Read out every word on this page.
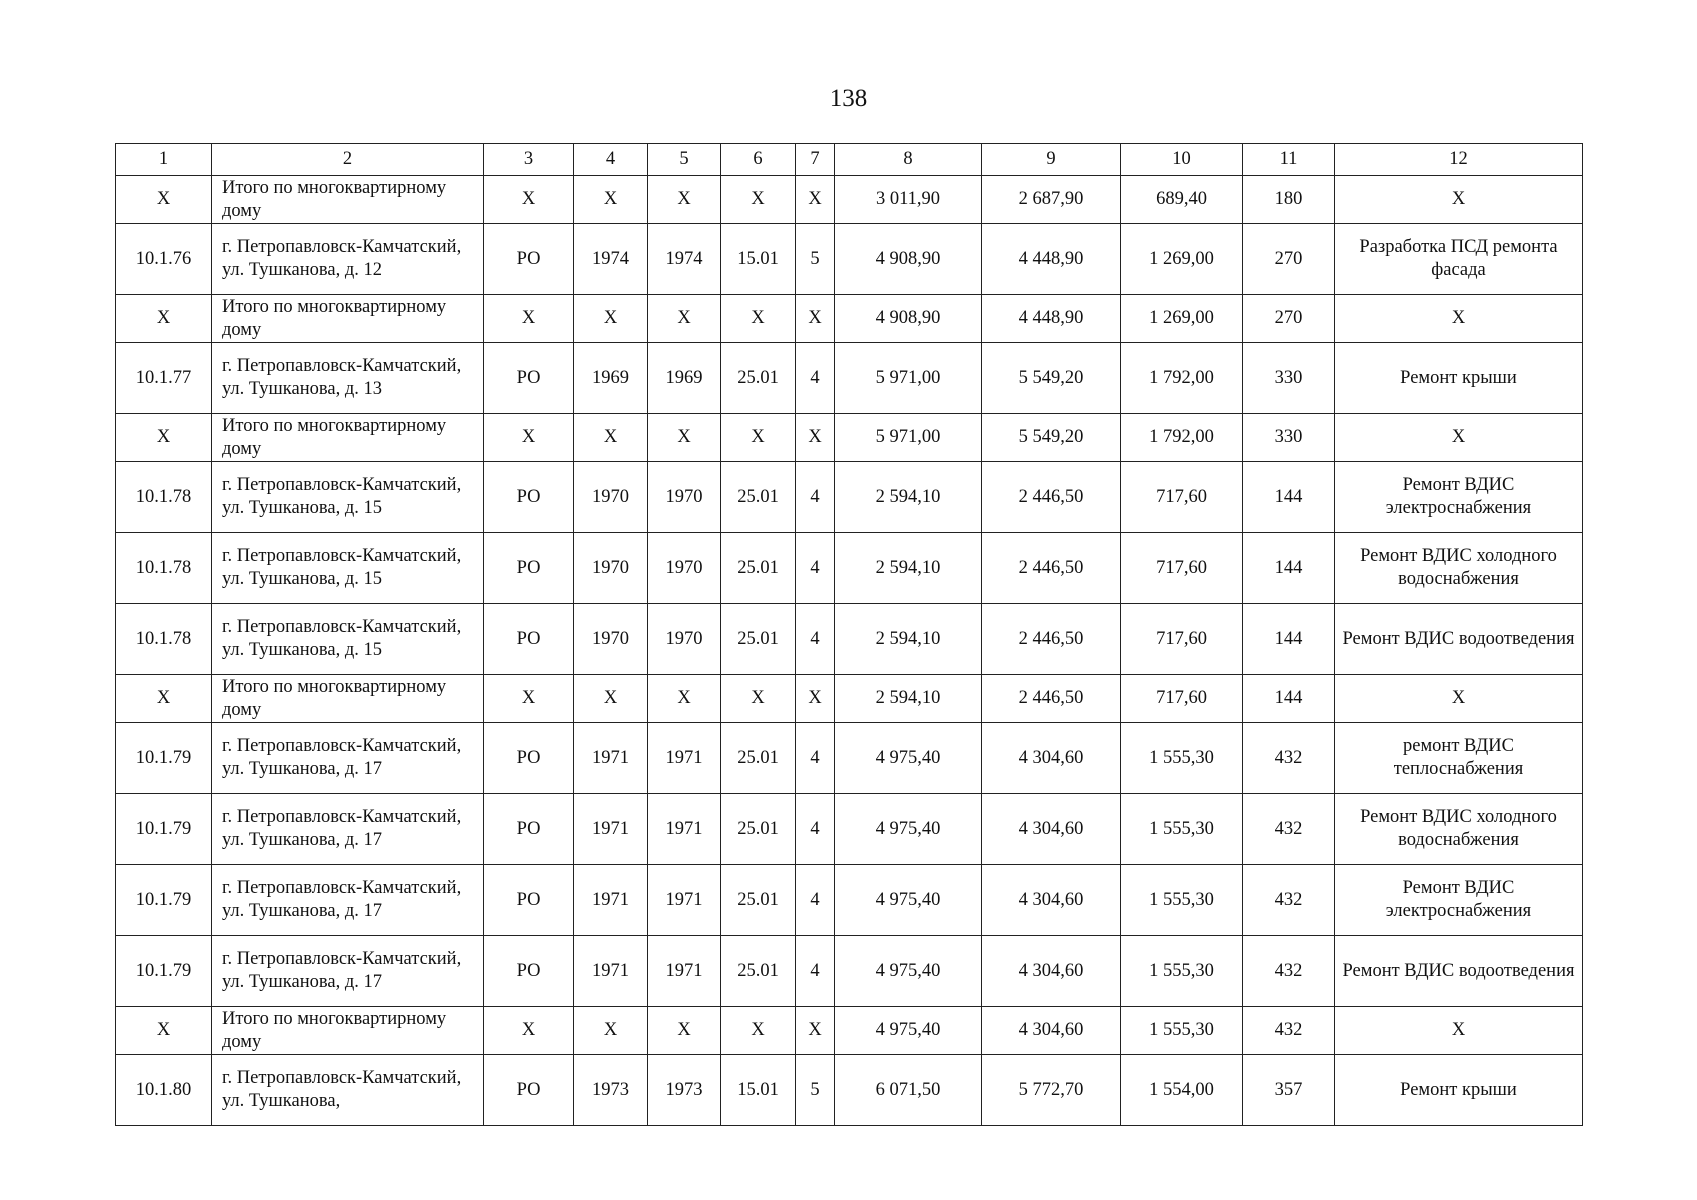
138
1	2	3	4	5	6	7	8	9	10	11	12
X	Итого по многоквартирному дому	X	X	X	X	X	3 011,90	2 687,90	689,40	180	X
10.1.76	г. Петропавловск-Камчатский, ул. Тушканова, д. 12	РО	1974	1974	15.01	5	4 908,90	4 448,90	1 269,00	270	Разработка ПСД ремонта фасада
X	Итого по многоквартирному дому	X	X	X	X	X	4 908,90	4 448,90	1 269,00	270	X
10.1.77	г. Петропавловск-Камчатский, ул. Тушканова, д. 13	РО	1969	1969	25.01	4	5 971,00	5 549,20	1 792,00	330	Ремонт крыши
X	Итого по многоквартирному дому	X	X	X	X	X	5 971,00	5 549,20	1 792,00	330	X
10.1.78	г. Петропавловск-Камчатский, ул. Тушканова, д. 15	РО	1970	1970	25.01	4	2 594,10	2 446,50	717,60	144	Ремонт ВДИС электроснабжения
10.1.78	г. Петропавловск-Камчатский, ул. Тушканова, д. 15	РО	1970	1970	25.01	4	2 594,10	2 446,50	717,60	144	Ремонт ВДИС холодного водоснабжения
10.1.78	г. Петропавловск-Камчатский, ул. Тушканова, д. 15	РО	1970	1970	25.01	4	2 594,10	2 446,50	717,60	144	Ремонт ВДИС водоотведения
X	Итого по многоквартирному дому	X	X	X	X	X	2 594,10	2 446,50	717,60	144	X
10.1.79	г. Петропавловск-Камчатский, ул. Тушканова, д. 17	РО	1971	1971	25.01	4	4 975,40	4 304,60	1 555,30	432	ремонт ВДИС теплоснабжения
10.1.79	г. Петропавловск-Камчатский, ул. Тушканова, д. 17	РО	1971	1971	25.01	4	4 975,40	4 304,60	1 555,30	432	Ремонт ВДИС холодного водоснабжения
10.1.79	г. Петропавловск-Камчатский, ул. Тушканова, д. 17	РО	1971	1971	25.01	4	4 975,40	4 304,60	1 555,30	432	Ремонт ВДИС электроснабжения
10.1.79	г. Петропавловск-Камчатский, ул. Тушканова, д. 17	РО	1971	1971	25.01	4	4 975,40	4 304,60	1 555,30	432	Ремонт ВДИС водоотведения
X	Итого по многоквартирному дому	X	X	X	X	X	4 975,40	4 304,60	1 555,30	432	X
10.1.80	г. Петропавловск-Камчатский, ул. Тушканова,	РО	1973	1973	15.01	5	6 071,50	5 772,70	1 554,00	357	Ремонт крыши
